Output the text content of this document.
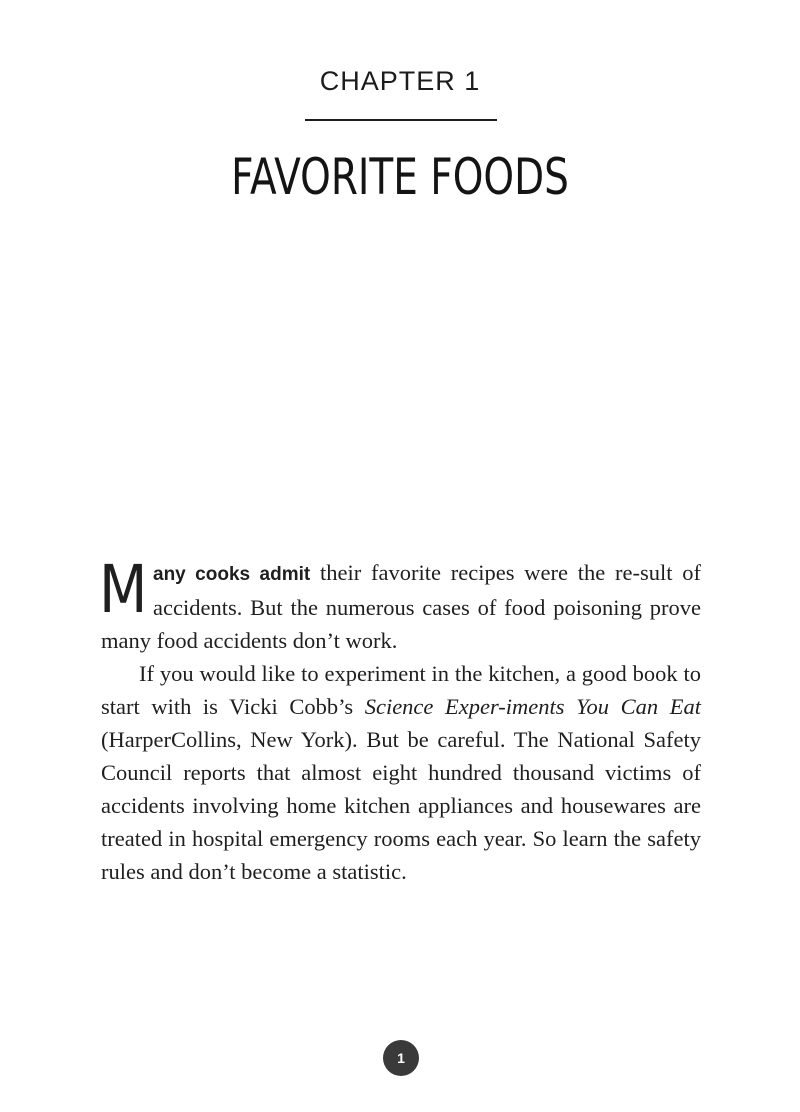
CHAPTER 1
FAVORITE FOODS

Many cooks admit their favorite recipes were the re-sult of accidents. But the numerous cases of food poisoning prove many food accidents don’t work.

If you would like to experiment in the kitchen, a good book to start with is Vicki Cobb’s Science Exper-iments You Can Eat (HarperCollins, New York). But be careful. The National Safety Council reports that almost eight hundred thousand victims of accidents involving home kitchen appliances and housewares are treated in hospital emergency rooms each year. So learn the safety rules and don’t become a statistic.

1
